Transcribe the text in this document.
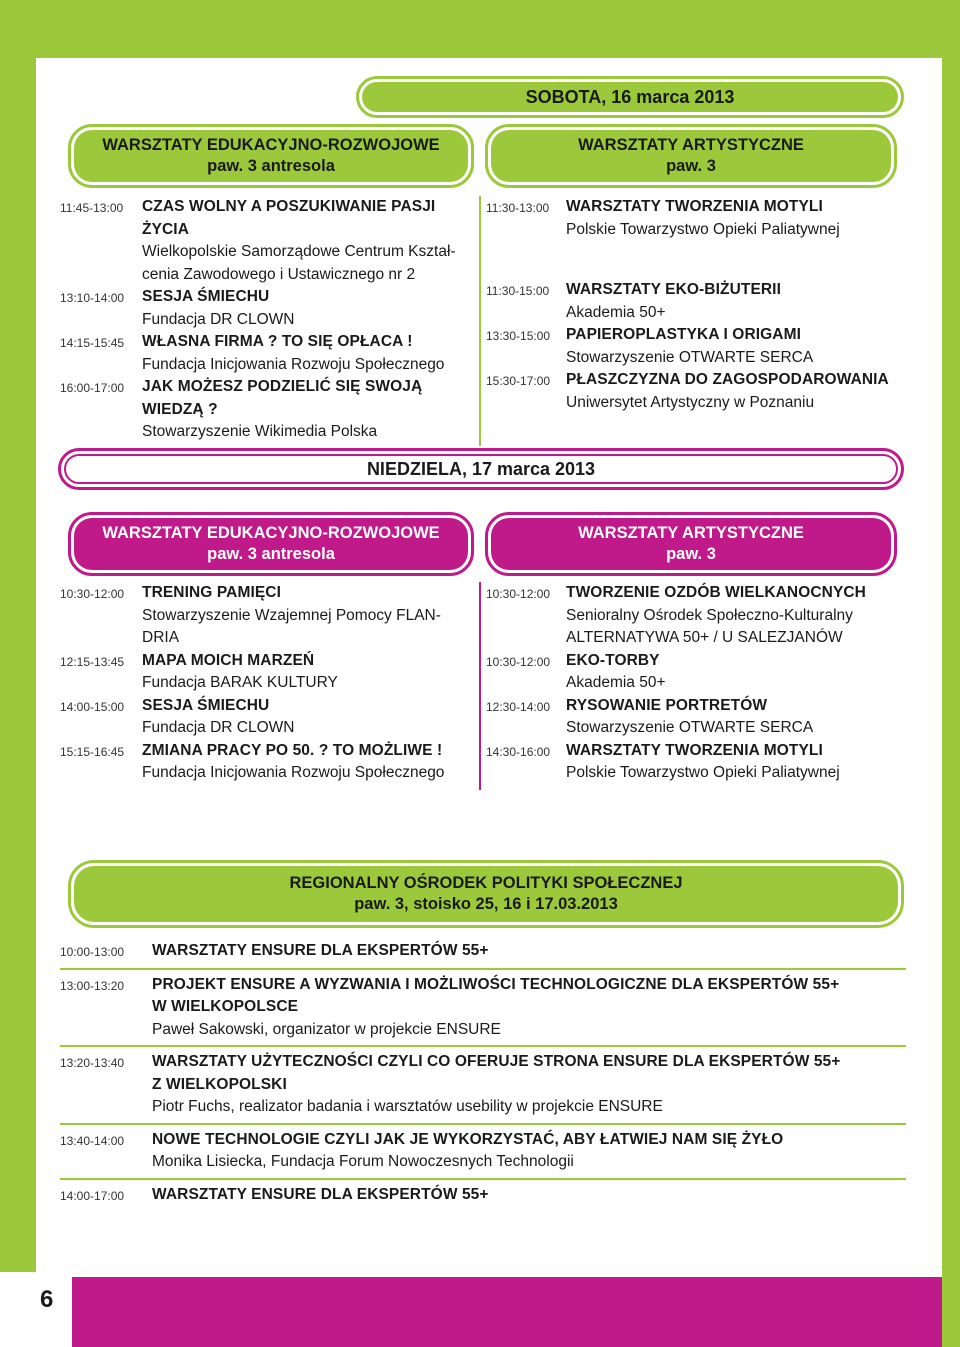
6
SOBOTA, 16 marca 2013
WARSZTATY EDUKACYJNO-ROZWOJOWE
paw. 3 antresola
WARSZTATY ARTYSTYCZNE
paw. 3
11:45-13:00	CZAS WOLNY A POSZUKIWANIE PASJI
ŻYCIA
Wielkopolskie Samorządowe Centrum Kształ-
cenia Zawodowego i Ustawicznego nr 2
13:10-14:00	SESJA ŚMIECHU
Fundacja DR CLOWN
14:15-15:45	WŁASNA FIRMA ? TO SIĘ OPŁACA !
Fundacja Inicjowania Rozwoju Społecznego
16:00-17:00	JAK MOŻESZ PODZIELIĆ SIĘ SWOJĄ
WIEDZĄ ?
Stowarzyszenie Wikimedia Polska
11:30-13:00	WARSZTATY TWORZENIA MOTYLI
Polskie Towarzystwo Opieki Paliatywnej
11:30-15:00	WARSZTATY EKO-BIŻUTERII
Akademia 50+
13:30-15:00	PAPIEROPLASTYKA I ORIGAMI
Stowarzyszenie OTWARTE SERCA
15:30-17:00	PŁASZCZYZNA DO ZAGOSPODAROWANIA
Uniwersytet Artystyczny w Poznaniu
NIEDZIELA, 17 marca 2013
WARSZTATY EDUKACYJNO-ROZWOJOWE
paw. 3 antresola
WARSZTATY ARTYSTYCZNE
paw. 3
10:30-12:00	TRENING PAMIĘCI
Stowarzyszenie Wzajemnej Pomocy FLAN-
DRIA
12:15-13:45	MAPA MOICH MARZEŃ
Fundacja BARAK KULTURY
14:00-15:00	SESJA ŚMIECHU
Fundacja DR CLOWN
15:15-16:45	ZMIANA PRACY PO 50. ? TO MOŻLIWE !
Fundacja Inicjowania Rozwoju Społecznego
10:30-12:00	TWORZENIE OZDÓB WIELKANOCNYCH
Senioralny Ośrodek Społeczno-Kulturalny
ALTERNATYWA 50+ / U SALEZJANÓW
10:30-12:00	EKO-TORBY
Akademia 50+
12:30-14:00	RYSOWANIE PORTRETÓW
Stowarzyszenie OTWARTE SERCA
14:30-16:00	WARSZTATY TWORZENIA MOTYLI
Polskie Towarzystwo Opieki Paliatywnej
REGIONALNY OŚRODEK POLITYKI SPOŁECZNEJ
paw. 3, stoisko 25, 16 i 17.03.2013
10:00-13:00	WARSZTATY ENSURE DLA EKSPERTÓW 55+
13:00-13:20	PROJEKT ENSURE A WYZWANIA I MOŻLIWOŚCI TECHNOLOGICZNE DLA EKSPERTÓW 55+
W WIELKOPOLSCE
Paweł Sakowski, organizator w projekcie ENSURE
13:20-13:40	WARSZTATY UŻYTECZNOŚCI CZYLI CO OFERUJE STRONA ENSURE DLA EKSPERTÓW 55+
Z WIELKOPOLSKI
Piotr Fuchs, realizator badania i warsztatów usebility w projekcie ENSURE
13:40-14:00	NOWE TECHNOLOGIE CZYLI JAK JE WYKORZYSTAĆ, ABY ŁATWIEJ NAM SIĘ ŻYŁO
Monika Lisiecka, Fundacja Forum Nowoczesnych Technologii
14:00-17:00	WARSZTATY ENSURE DLA EKSPERTÓW 55+
